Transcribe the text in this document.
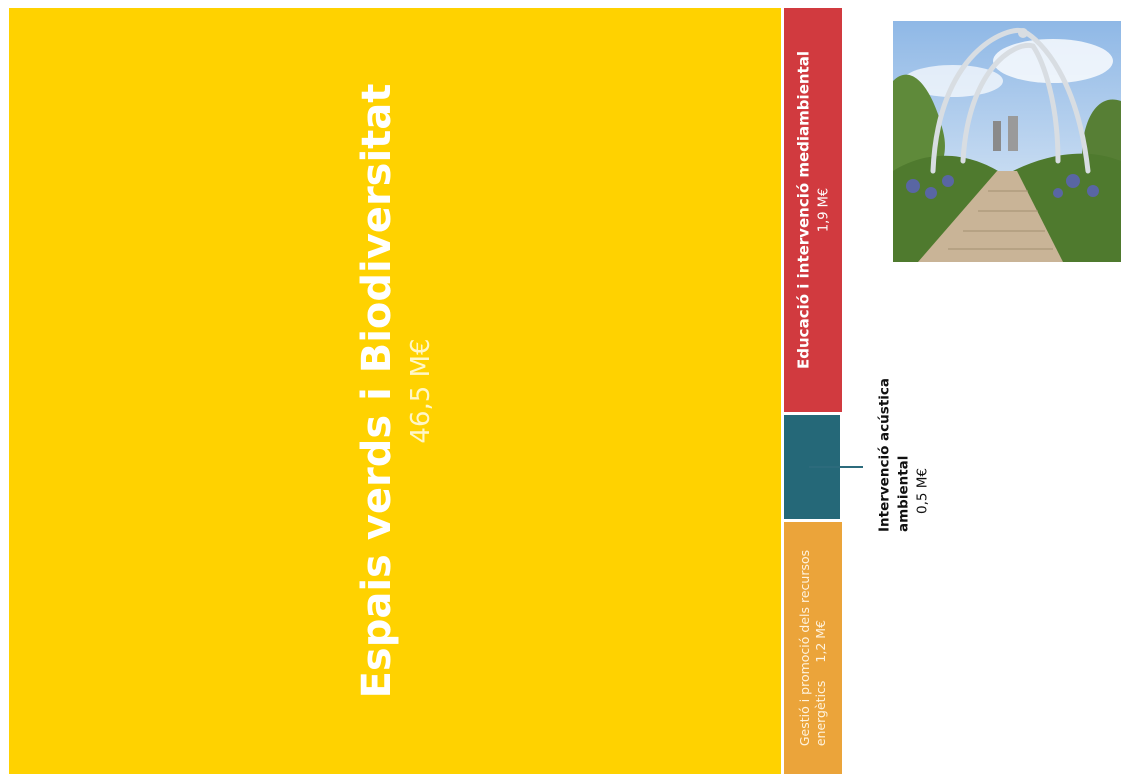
Espais verds i Biodiversitat 46,5 M€
Educació i intervenció mediambiental 1,9 M€
Gestió i promoció dels recursos
energètics  1,2 M€
Intervenció acústica ambiental 0,5 M€
